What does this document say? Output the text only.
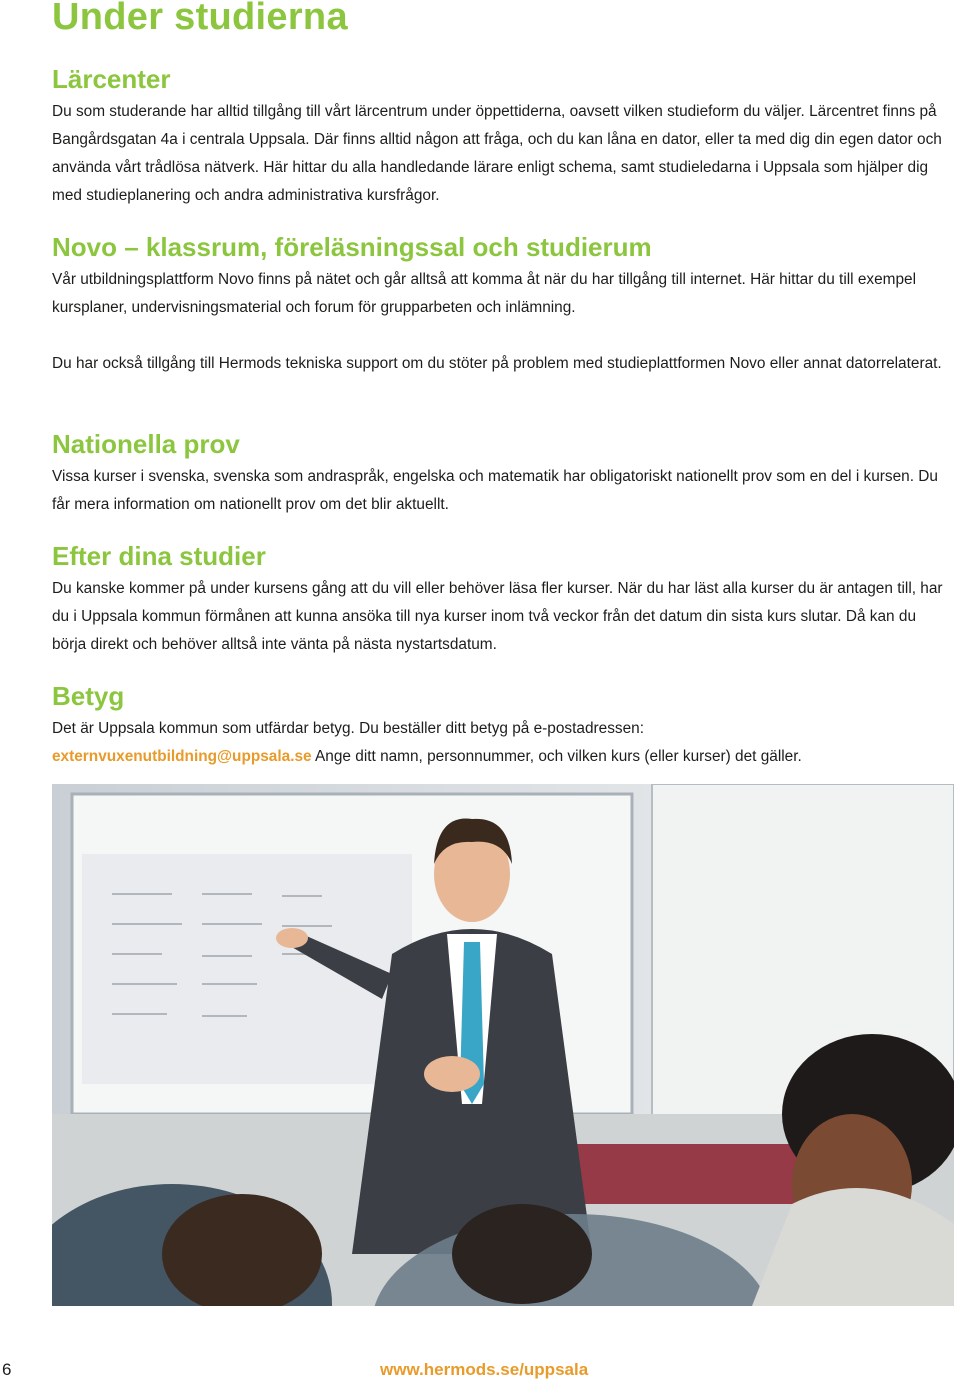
Under studierna
Lärcenter

Du som studerande har alltid tillgång till vårt lärcentrum under öppettiderna, oavsett vilken studieform du väljer. Lärcentret finns på Bangårdsgatan 4a i centrala Uppsala. Där finns alltid någon att fråga, och du kan låna en dator, eller ta med dig din egen dator och använda vårt trådlösa nätverk. Här hittar du alla handledande lärare enligt schema, samt studieledarna i Uppsala som hjälper dig med studieplanering och andra administrativa kursfrågor.

Novo – klassrum, föreläsningssal och studierum

Vår utbildningsplattform Novo finns på nätet och går alltså att komma åt när du har tillgång till internet. Här hittar du till exempel kursplaner, undervisningsmaterial och forum för grupparbeten och inlämning.

Du har också tillgång till Hermods tekniska support om du stöter på problem med studieplattformen Novo eller annat datorrelaterat.

Nationella prov

Vissa kurser i svenska, svenska som andraspråk, engelska och matematik har obligatoriskt nationellt prov som en del i kursen. Du får mera information om nationellt prov om det blir aktuellt.

Efter dina studier

Du kanske kommer på under kursens gång att du vill eller behöver läsa fler kurser. När du har läst alla kurser du är antagen till, har du i Uppsala kommun förmånen att kunna ansöka till nya kurser inom två veckor från det datum din sista kurs slutar. Då kan du börja direkt och behöver alltså inte vänta på nästa nystartsdatum.

Betyg

Det är Uppsala kommun som utfärdar betyg. Du beställer ditt betyg på e-postadressen:
externvuxenutbildning@uppsala.se Ange ditt namn, personnummer, och vilken kurs (eller kurser) det gäller.

6	www.hermods.se/uppsala
